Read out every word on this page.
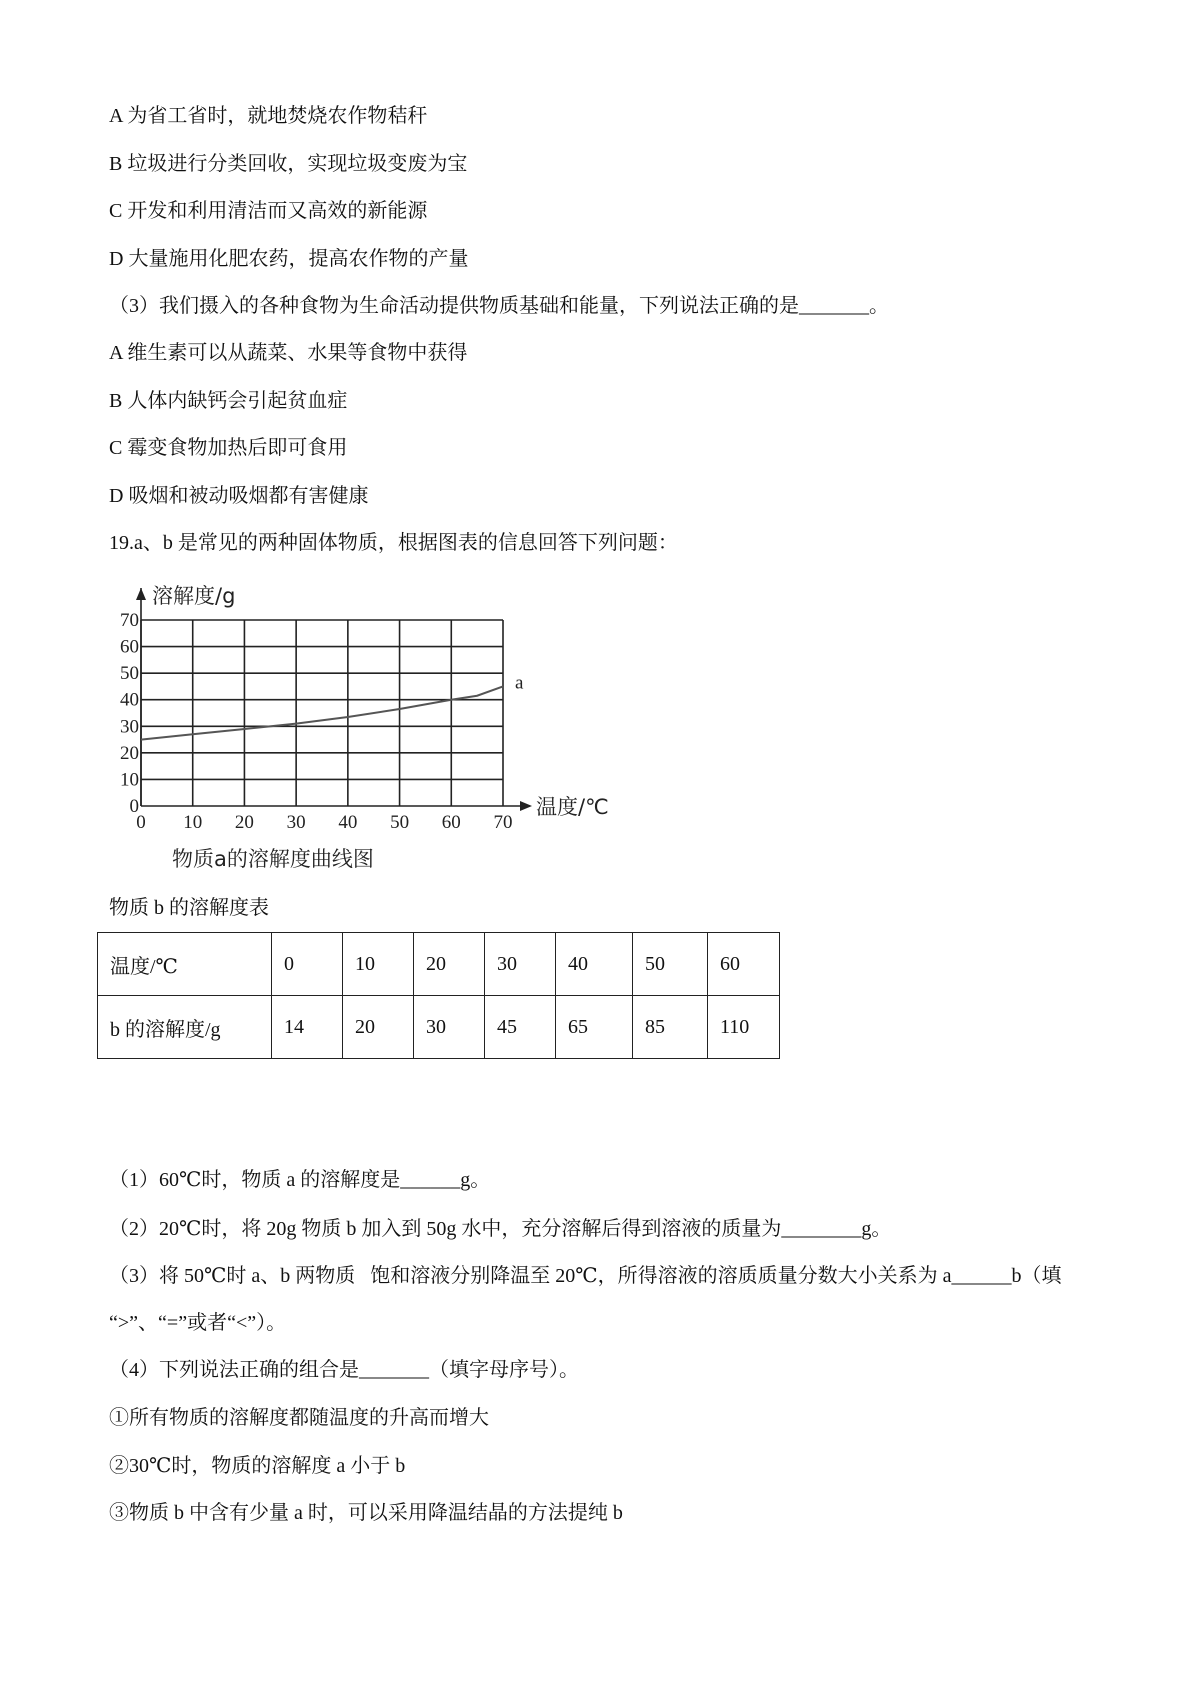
0 10 20 30 40 50 60 70
0
10
20
30
40
50
60
70
溶解度/g
温度/℃
物质a的溶解度曲线图
a
物质 b 的溶解度表
温度/℃	0	10	20	30	40	50	60
b 的溶解度/g	14	20	30	45	65	85	110
A 为省工省时，就地焚烧农作物秸秆
B 垃圾进行分类回收，实现垃圾变废为宝
C 开发和利用清洁而又高效的新能源
D 大量施用化肥农药，提高农作物的产量
（3）我们摄入的各种食物为生命活动提供物质基础和能量，下列说法正确的是_______。
A 维生素可以从蔬菜、水果等食物中获得
B 人体内缺钙会引起贫血症
C 霉变食物加热后即可食用
D 吸烟和被动吸烟都有害健康
19.a、b 是常见的两种固体物质，根据图表的信息回答下列问题：
（1）60℃时，物质 a 的溶解度是______g。
（2）20℃时，将 20g 物质 b 加入到 50g 水中，充分溶解后得到溶液的质量为________g。
（3）将 50℃时 a、b 两物质   饱和溶液分别降温至 20℃，所得溶液的溶质质量分数大小关系为 a______b（填
“>”、“=”或者“<”）。
（4）下列说法正确的组合是_______（填字母序号）。
①所有物质的溶解度都随温度的升高而增大
②30℃时，物质的溶解度 a 小于 b
③物质 b 中含有少量 a 时，可以采用降温结晶的方法提纯 b
